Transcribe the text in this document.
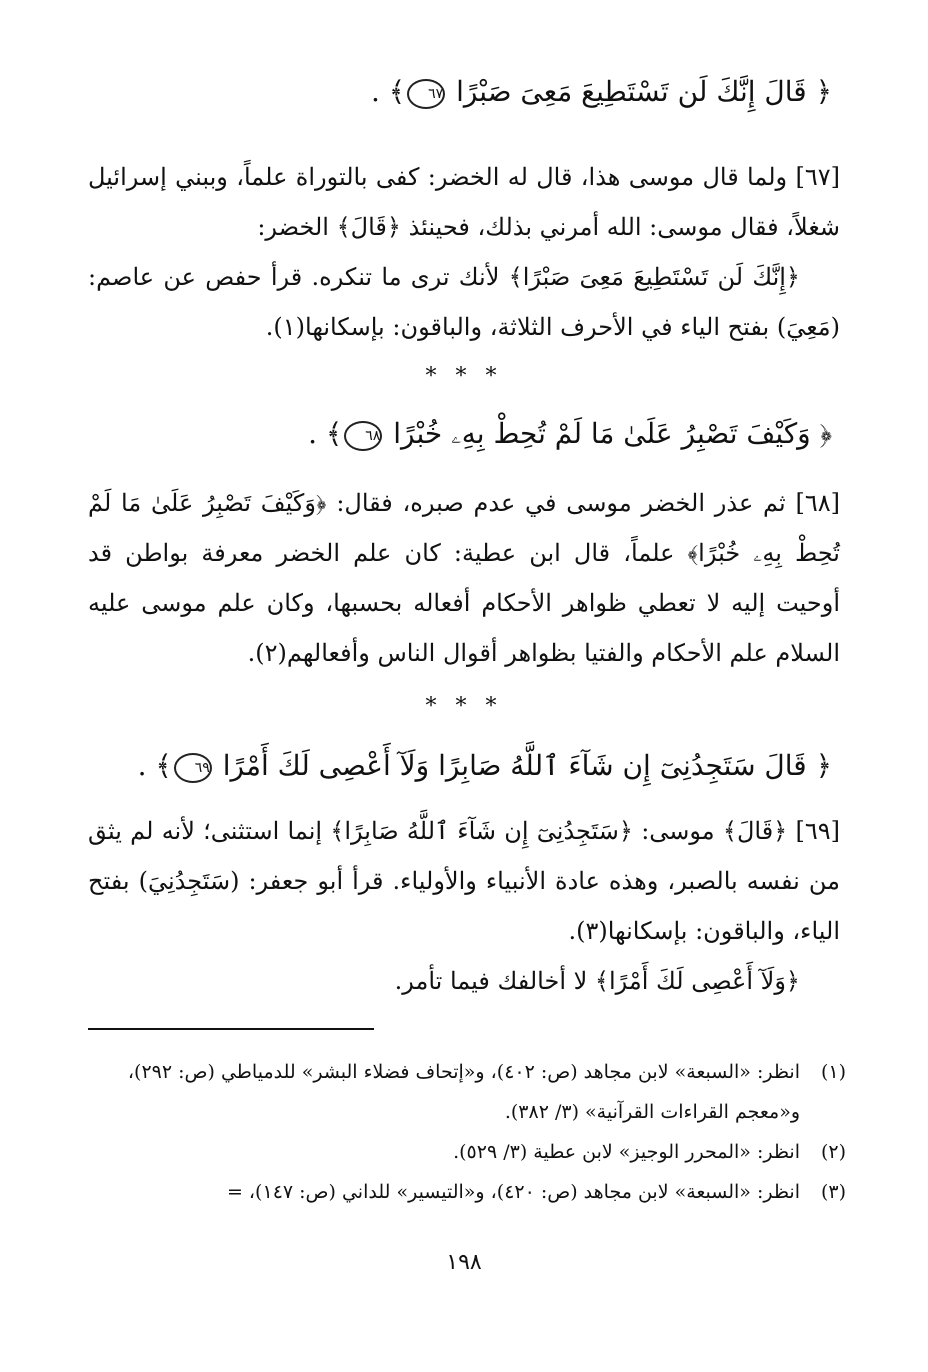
﴿ قَالَ إِنَّكَ لَن تَسْتَطِيعَ مَعِىَ صَبْرًا ٦٧﴾ .

[٦٧] ولما قال موسى هذا، قال له الخضر: كفى بالتوراة علماً، وببني إسرائيل شغلاً، فقال موسى: الله أمرني بذلك، فحينئذ ﴿قَالَ﴾ الخضر:

﴿إِنَّكَ لَن تَسْتَطِيعَ مَعِىَ صَبْرًا﴾ لأنك ترى ما تنكره. قرأ حفص عن عاصم: (مَعِيَ) بفتح الياء في الأحرف الثلاثة، والباقون: بإسكانها(١).

* * *
﴿ وَكَيْفَ تَصْبِرُ عَلَىٰ مَا لَمْ تُحِطْ بِهِۦ خُبْرًا ٦٨﴾ .

[٦٨] ثم عذر الخضر موسى في عدم صبره، فقال: ﴿وَكَيْفَ تَصْبِرُ عَلَىٰ مَا لَمْ تُحِطْ بِهِۦ خُبْرًا﴾ علماً، قال ابن عطية: كان علم الخضر معرفة بواطن قد أوحيت إليه لا تعطي ظواهر الأحكام أفعاله بحسبها، وكان علم موسى عليه السلام علم الأحكام والفتيا بظواهر أقوال الناس وأفعالهم(٢).

* * *
﴿ قَالَ سَتَجِدُنِىٓ إِن شَآءَ ٱللَّهُ صَابِرًا وَلَآ أَعْصِى لَكَ أَمْرًا ٦٩﴾ .

[٦٩] ﴿قَالَ﴾ موسى: ﴿سَتَجِدُنِىٓ إِن شَآءَ ٱللَّهُ صَابِرًا﴾ إنما استثنى؛ لأنه لم يثق من نفسه بالصبر، وهذه عادة الأنبياء والأولياء. قرأ أبو جعفر: (سَتَجِدُنِيَ) بفتح الياء، والباقون: بإسكانها(٣).

﴿وَلَآ أَعْصِى لَكَ أَمْرًا﴾ لا أخالفك فيما تأمر.

(١)
انظر: «السبعة» لابن مجاهد (ص: ٤٠٢)، و«إتحاف فضلاء البشر» للدمياطي (ص: ٢٩٢)، و«معجم القراءات القرآنية» (٣/ ٣٨٢).
(٢)
انظر: «المحرر الوجيز» لابن عطية (٣/ ٥٢٩).
(٣)
انظر: «السبعة» لابن مجاهد (ص: ٤٢٠)، و«التيسير» للداني (ص: ١٤٧)، =
١٩٨
